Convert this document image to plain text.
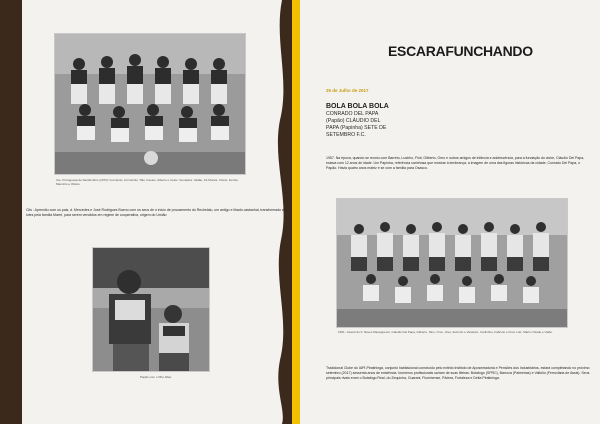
Cte. Portuguesa de Recife/Jdim (1970): Fernando, Ari Carrão, Tião, Fausto, Alberto e Celso. Sentados: Vadão, Zé Morais, Clóvis, Ferrão, Maurício e Otávio.
Cits : Aprendiu com os pais, d. Mercedes e José Rodrigues Bueno com os seus de o início de povoamento do Rechelalu, um antigo e ilhado castanhal, transformado em lotes pela família Marré, para serem vendidos em regime de cooperativa, origem do Umião
Papão com o filho Allan
ESCARAFUNCHANDO
25 de Julho de 2017
BOLA BOLA BOLA
CONRADO DEL PAPA
(Papão) CLÁUDIO DEL
PAPA (Papinha) SETE DE
SETEMBRO F.C.
1957. Na época, quando se reuniu com Barreto, Lustrho, Fioti, Gilberto, Omo e outros amigos de infância e adolescência, para a fundação do clube, Cláudio Del Papa, estava com 12 anos de idade. Um Papinha, referência carinhosa que mostrar à lembrança, a imagem de uma das figuras históricas da cidade, Conrado Del Papa, o Papão. Havia quatro anos matriz e se com a família para Osasco.
1961. Juvenil do F. Neves Mauapperez, Cláudio Del Papa, Gilberto, Nino, Omo, Givo, Zezinho e Vandeiro. Carlinhos, Fabrício e Fiod. Luiz, Mário Chuafe e Valdo.
Tradicional Clube do IAPI-Piratininga, conjunto habitacional construído pelo extinto Instituto de Aposentadoria e Pensões dos Industriários, estará completando no próximo setembro (2017) sessenta anos de existência. Inúmeros profissionais saíram de suas fileiras: Botafogo (SPRC), Barroca (Palmeiras) e Valtúlio (Ferroviária de Assis). Seus principais rivais eram o Botafogo Real, do Zequinha, Guarani, Fluminense, Riviera, Fortaleza e Delta Piratininga.
